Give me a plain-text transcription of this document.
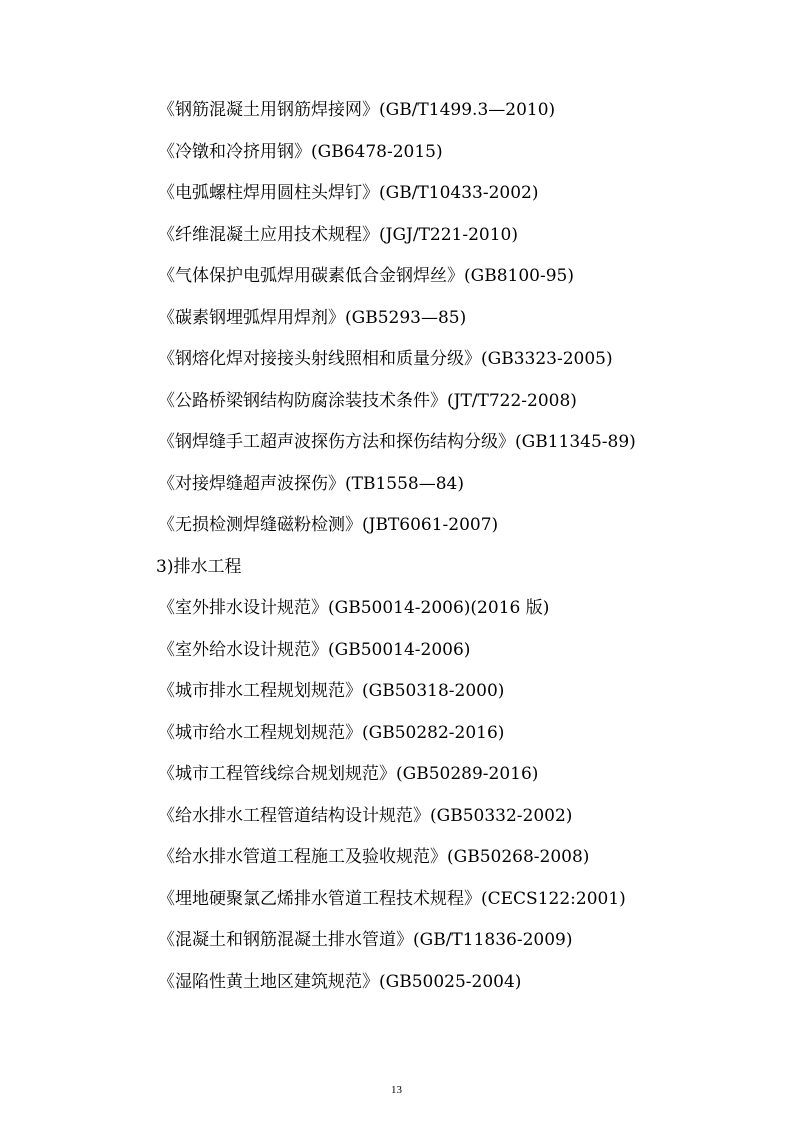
《钢筋混凝土用钢筋焊接网》(GB/T1499.3—2010)
《冷镦和冷挤用钢》(GB6478-2015)
《电弧螺柱焊用圆柱头焊钉》(GB/T10433-2002)
《纤维混凝土应用技术规程》(JGJ/T221-2010)
《气体保护电弧焊用碳素低合金钢焊丝》(GB8100-95)
《碳素钢埋弧焊用焊剂》(GB5293—85)
《钢熔化焊对接接头射线照相和质量分级》(GB3323-2005)
《公路桥梁钢结构防腐涂装技术条件》(JT/T722-2008)
《钢焊缝手工超声波探伤方法和探伤结构分级》(GB11345-89)
《对接焊缝超声波探伤》(TB1558—84)
《无损检测焊缝磁粉检测》(JBT6061-2007)
3)排水工程
《室外排水设计规范》(GB50014-2006)(2016 版)
《室外给水设计规范》(GB50014-2006)
《城市排水工程规划规范》(GB50318-2000)
《城市给水工程规划规范》(GB50282-2016)
《城市工程管线综合规划规范》(GB50289-2016)
《给水排水工程管道结构设计规范》(GB50332-2002)
《给水排水管道工程施工及验收规范》(GB50268-2008)
《埋地硬聚氯乙烯排水管道工程技术规程》(CECS122:2001)
《混凝土和钢筋混凝土排水管道》(GB/T11836-2009)
《湿陷性黄土地区建筑规范》(GB50025-2004)
13
